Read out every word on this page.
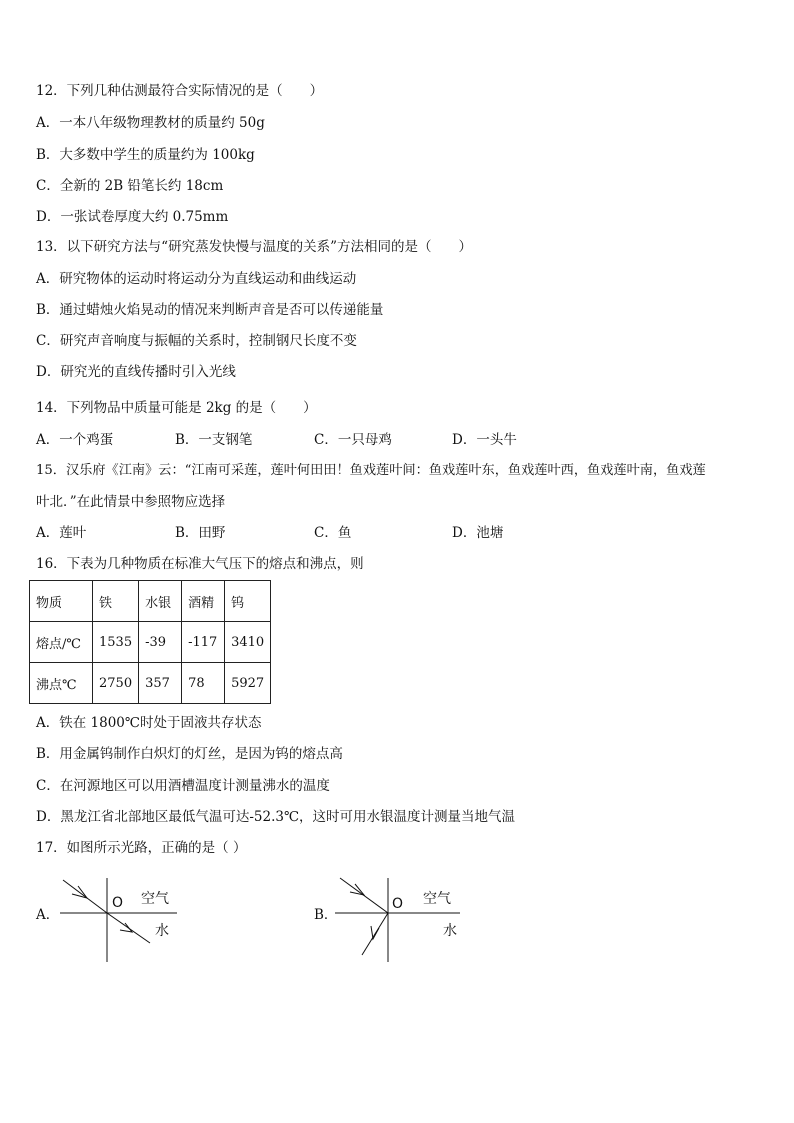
12．下列几种估测最符合实际情况的是（　　）
A．一本八年级物理教材的质量约 50g
B．大多数中学生的质量约为 100kg
C．全新的 2B 铅笔长约 18cm
D．一张试卷厚度大约 0.75mm
13．以下研究方法与“研究蒸发快慢与温度的关系”方法相同的是（　　）
A．研究物体的运动时将运动分为直线运动和曲线运动
B．通过蜡烛火焰晃动的情况来判断声音是否可以传递能量
C．研究声音响度与振幅的关系时，控制钢尺长度不变
D．研究光的直线传播时引入光线
14．下列物品中质量可能是 2kg 的是（　　）
A．一个鸡蛋	B．一支钢笔	C．一只母鸡	D．一头牛
15．汉乐府《江南》云：“江南可采莲，莲叶何田田！鱼戏莲叶间：鱼戏莲叶东，鱼戏莲叶西，鱼戏莲叶南，鱼戏莲
叶北．”在此情景中参照物应选择
A．莲叶	B．田野	C．鱼	D．池塘
16．下表为几种物质在标准大气压下的熔点和沸点，则
物质	铁	水银	酒精	钨
熔点/℃	1535	-39	-117	3410
沸点℃	2750	357	78	5927
A．铁在 1800℃时处于固液共存状态
B．用金属钨制作白炽灯的灯丝，是因为钨的熔点高
C．在河源地区可以用酒槽温度计测量沸水的温度
D．黑龙江省北部地区最低气温可达-52.3℃，这时可用水银温度计测量当地气温
17．如图所示光路，正确的是（ ）
A．
O 空气
水
B．
O 空气
水
